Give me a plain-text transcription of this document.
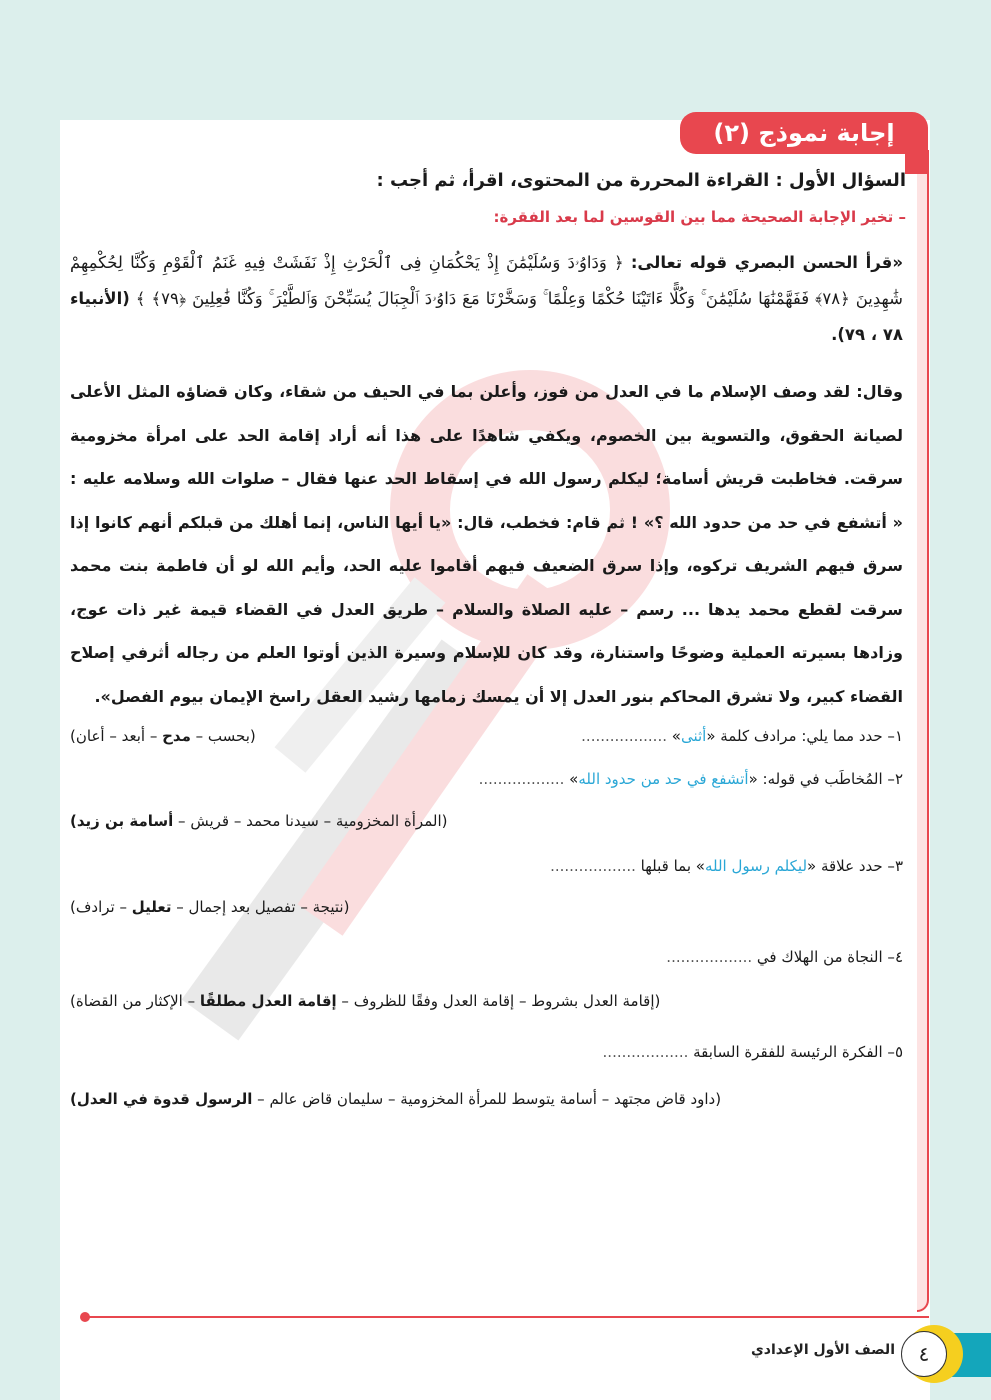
إجابة نموذج (٢)
السؤال الأول : القراءة المحررة من المحتوى، اقرأ، ثم أجب :
– تخير الإجابة الصحيحة مما بين القوسين لما بعد الفقرة:
«قرأ الحسن البصري قوله تعالى: ﴿ وَدَاوُۥدَ وَسُلَيْمَٰنَ إِذْ يَحْكُمَانِ فِى ٱلْحَرْثِ إِذْ نَفَشَتْ فِيهِ غَنَمُ ٱلْقَوْمِ وَكُنَّا لِحُكْمِهِمْ شَٰهِدِينَ ﴿٧٨﴾ فَفَهَّمْنَٰهَا سُلَيْمَٰنَ ۚ وَكُلًّا ءَاتَيْنَا حُكْمًا وَعِلْمًا ۚ وَسَخَّرْنَا مَعَ دَاوُۥدَ ٱلْجِبَالَ يُسَبِّحْنَ وَٱلطَّيْرَ ۚ وَكُنَّا فَٰعِلِينَ ﴿٧٩﴾ ﴾ (الأنبياء ٧٨ ، ٧٩).
وقال: لقد وصف الإسلام ما في العدل من فوز، وأعلن بما في الحيف من شقاء، وكان قضاؤه المثل الأعلى لصيانة الحقوق، والتسوية بين الخصوم، ويكفي شاهدًا على هذا أنه أراد إقامة الحد على امرأة مخزومية سرقت. فخاطبت قريش أسامة؛ ليكلم رسول الله في إسقاط الحد عنها فقال – صلوات الله وسلامه عليه : « أتشفع في حد من حدود الله ؟» ! ثم قام: فخطب، قال: «يا أيها الناس، إنما أهلك من قبلكم أنهم كانوا إذا سرق فيهم الشريف تركوه، وإذا سرق الضعيف فيهم أقاموا عليه الحد، وأيم الله لو أن فاطمة بنت محمد سرقت لقطع محمد يدها ... رسم – عليه الصلاة والسلام – طريق العدل في القضاء قيمة غير ذات عوج، وزادها بسيرته العملية وضوحًا واستنارة، وقد كان للإسلام وسيرة الذين أوتوا العلم من رجاله أثرفي إصلاح القضاء كبير، ولا تشرق المحاكم بنور العدل إلا أن يمسك زمامها رشيد العقل راسخ الإيمان بيوم الفصل».
١– حدد مما يلي: مرادف كلمة «أثنى» ..................
(بحسب – مدح – أبعد – أعان)
٢– المُخاطَب في قوله: «أتشفع في حد من حدود الله» ..................
(المرأة المخزومية – سيدنا محمد – قريش – أسامة بن زيد)
٣– حدد علاقة «ليكلم رسول الله» بما قبلها ..................
(نتيجة – تفصيل بعد إجمال – تعليل – ترادف)
٤– النجاة من الهلاك في ..................
(إقامة العدل بشروط – إقامة العدل وفقًا للظروف – إقامة العدل مطلقًا – الإكثار من القضاة)
٥– الفكرة الرئيسة للفقرة السابقة ..................
(داود قاض مجتهد – أسامة يتوسط للمرأة المخزومية – سليمان قاض عالم – الرسول قدوة في العدل)
٤
الصف الأول الإعدادي
